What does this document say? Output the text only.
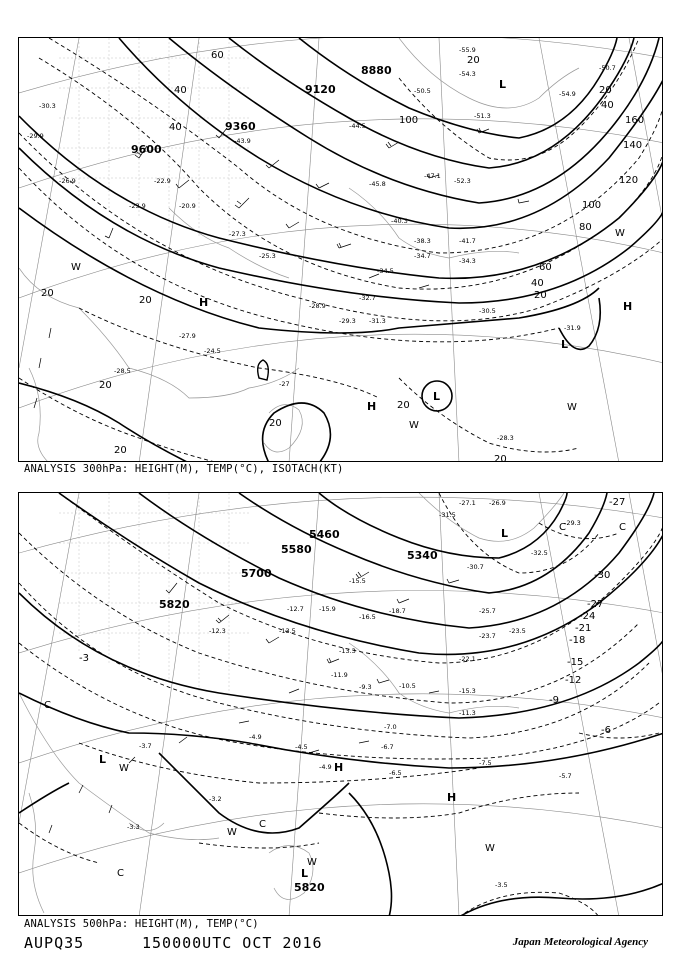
8880
9120
9360
9600
20
20
20
40
60
40
80
100
120
140
160
60
40
20
100
20
40
20
20
20
20
20
L
L
L
H
H
H
W
W
W
W
-55.9
-54.3
-50.5
-50.7
-54.9
-52.3
-51.3
-47.1
-45.8
-43.9
-44.5
-40.3
-41.7
-38.3
-34.3
-34.5
-34.7
-32.7
-31.3
-30.5
-29.3
-31.9
-28.9
-27.3
-27.9
-24.5
-28.5
-28.3
-27
-30.3
-29.9
-26.9	-22.9
-20.9
-23.9
-25.3
ANALYSIS 300hPa: HEIGHT(M), TEMP(°C), ISOTACH(KT)
5340
5460
5580
5700
5820
5820
-27
-30
-27
-24
-21
-18
-15
-12
-9
-6
-3
L
L
L
H
H
C
C
C
C
C
W
W
W
W
-27.1 -26.9
-29.3
-31.5
-32.5
-30.7
-23.7
-25.7
-23.5
-22.1
-15.3
-11.3
-7.5
-5.7
-3.5
-15.5
-16.5
-18.7
-15.9
-13.3
-12.7
-11.9
-10.5
-9.3
-7.0
-6.7
-4.9
-4.5
-3.7
-3.2
-3.3
-4.9
-6.5
-12.3	-13.5
ANALYSIS 500hPa: HEIGHT(M), TEMP(°C)
AUPQ35	150000UTC OCT 2016	Japan Meteorological Agency
